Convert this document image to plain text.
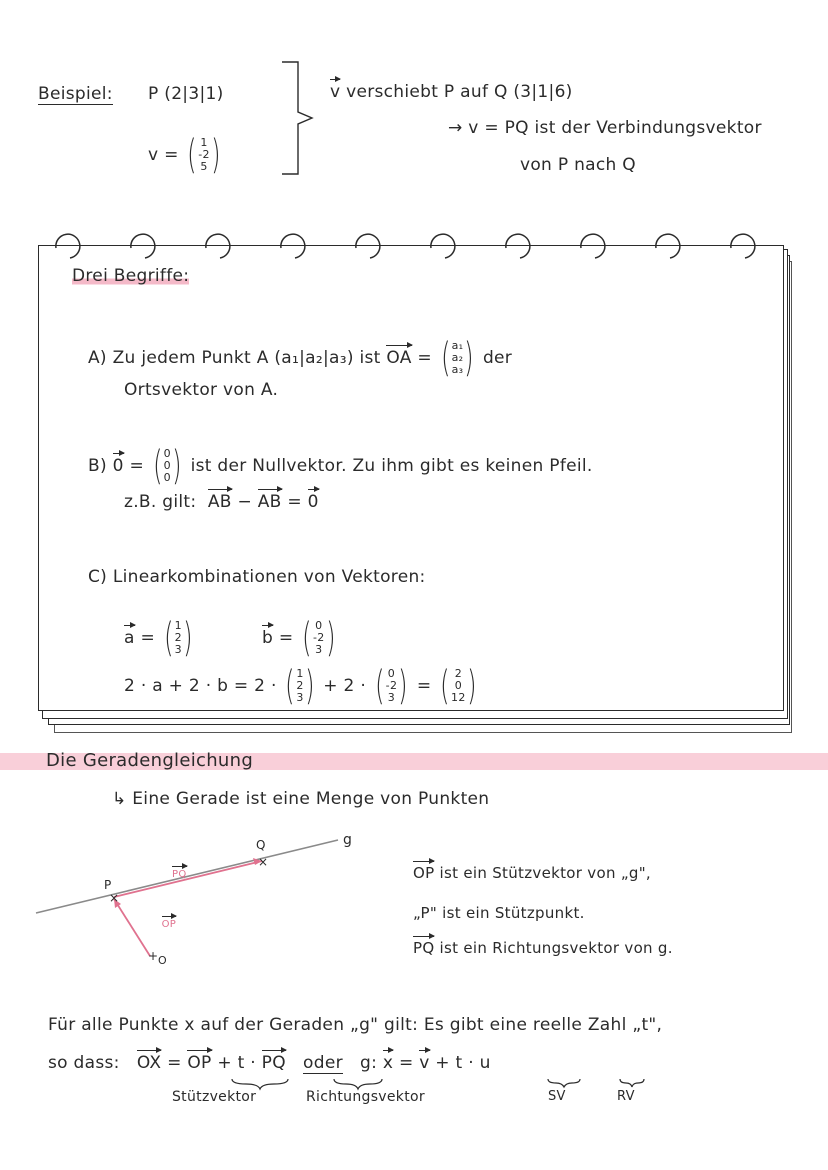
Beispiel: P (2|3|1)
v = ( 1
-2
5 )
v verschiebt P auf Q (3|1|6)
→ v = PQ ist der Verbindungsvektor
von P nach Q
Drei Begriffe:
A) Zu jedem Punkt A (a₁|a₂|a₃) ist OA = ( a₁
a₂
a₃ ) der
Ortsvektor von A.
B) 0 = ( 0
0
0 ) ist der Nullvektor. Zu ihm gibt es keinen Pfeil.
z.B. gilt: AB − AB = 0
C) Linearkombinationen von Vektoren:
a = ( 1
2
3 )	b = ( 0
-2
3 )
2 · a + 2 · b = 2 · ( 1
2
3 ) + 2 · ( 0
-2
3 ) = ( 2
0
12 )
Die Geradengleichung
↳ Eine Gerade ist eine Menge von Punkten
×
×
+
g
Q
P
O
PQ OP
OP ist ein Stützvektor von „g",
„P" ist ein Stützpunkt.
PQ ist ein Richtungsvektor von g.
Für alle Punkte x auf der Geraden „g" gilt: Es gibt eine reelle Zahl „t",
so dass: OX = OP + t · PQ oder g: x = v + t · u
Stützvektor	Richtungsvektor	SV	RV
